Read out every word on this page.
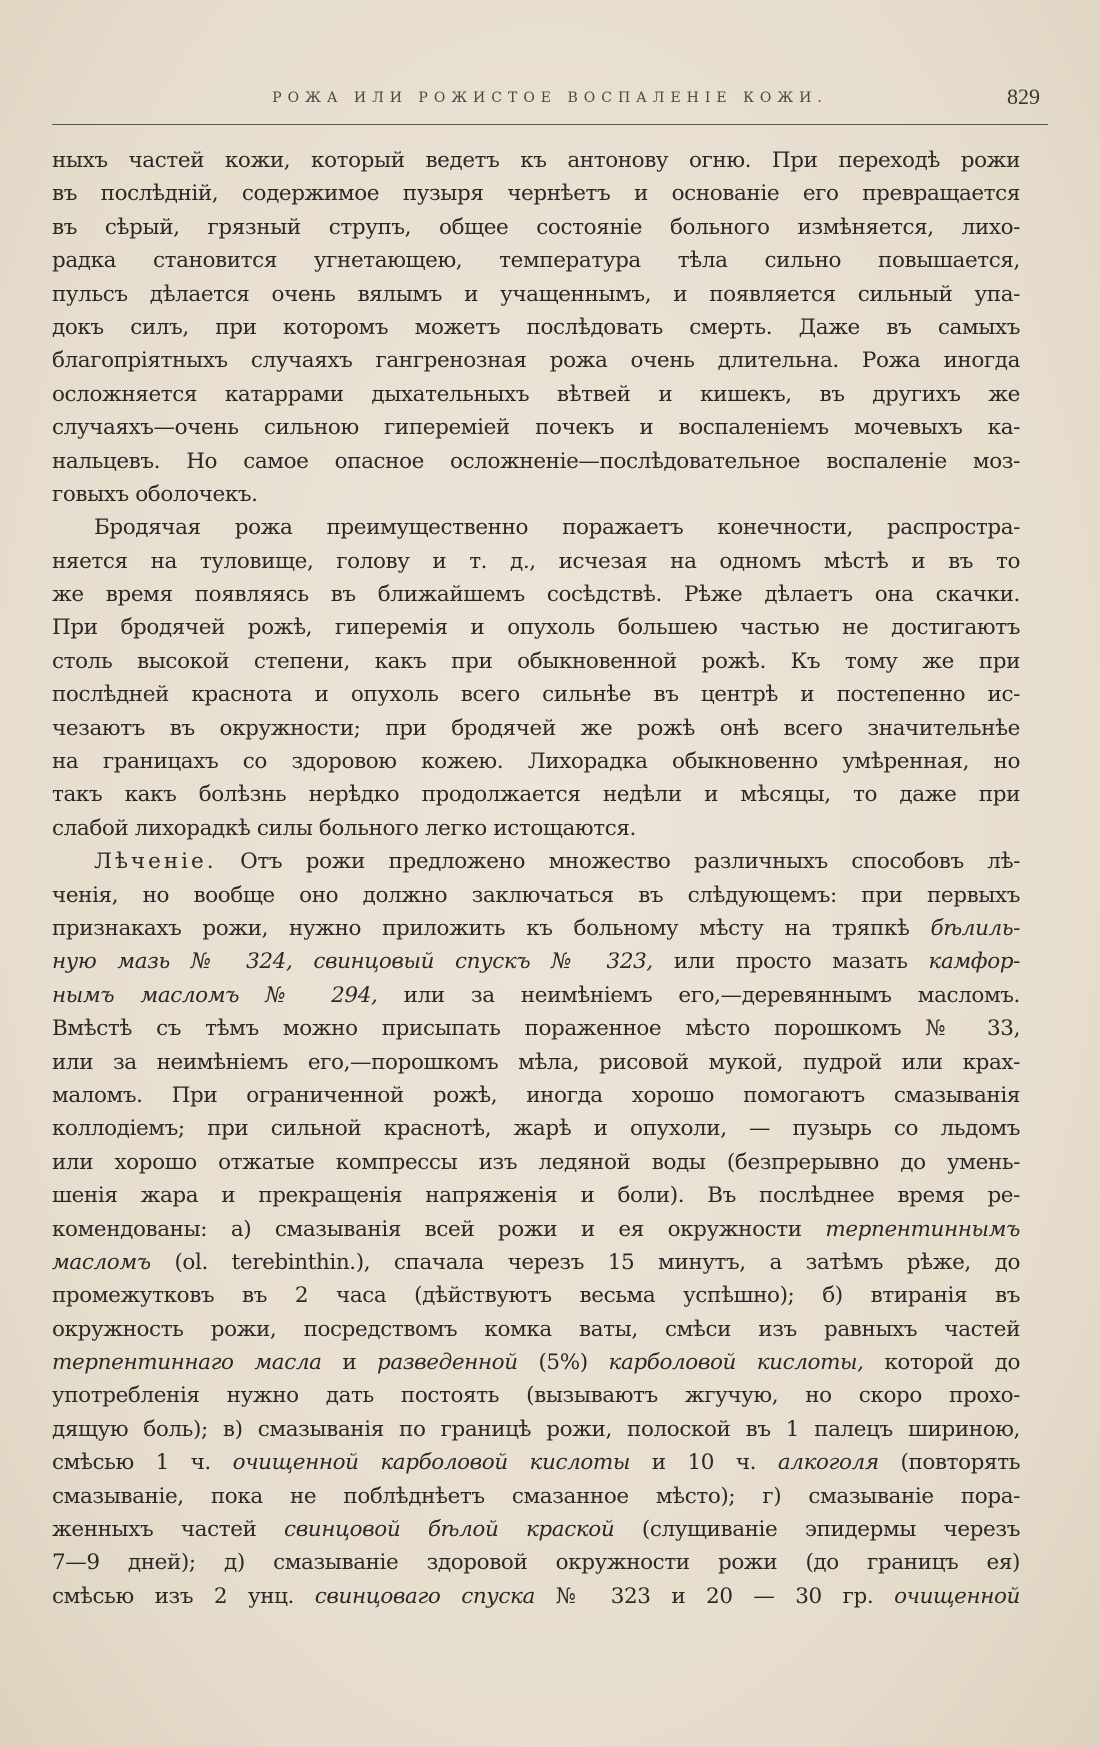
РОЖА ИЛИ РОЖИСТОЕ ВОСПАЛЕНІЕ КОЖИ.	829
ныхъ частей кожи, который ведетъ къ антонову огню. При переходѣ рожи
въ послѣдній, содержимое пузыря чернѣетъ и основаніе его превращается
въ сѣрый, грязный струпъ, общее состояніе больного измѣняется, лихо-
радка становится угнетающею, температура тѣла сильно повышается,
пульсъ дѣлается очень вялымъ и учащеннымъ, и появляется сильный упа-
докъ силъ, при которомъ можетъ послѣдовать смерть. Даже въ самыхъ
благопріятныхъ случаяхъ гангренозная рожа очень длительна. Рожа иногда
осложняется катаррами дыхательныхъ вѣтвей и кишекъ, въ другихъ же
случаяхъ—очень сильною гипереміей почекъ и воспаленіемъ мочевыхъ ка-
нальцевъ. Но самое опасное осложненіе—послѣдовательное воспаленіе моз-
говыхъ оболочекъ.
Бродячая рожа преимущественно поражаетъ конечности, распростра-
няется на туловище, голову и т. д., исчезая на одномъ мѣстѣ и въ то
же время появляясь въ ближайшемъ сосѣдствѣ. Рѣже дѣлаетъ она скачки.
При бродячей рожѣ, гиперемія и опухоль большею частью не достигаютъ
столь высокой степени, какъ при обыкновенной рожѣ. Къ тому же при
послѣдней краснота и опухоль всего сильнѣе въ центрѣ и постепенно ис-
чезаютъ въ окружности; при бродячей же рожѣ онѣ всего значительнѣе
на границахъ со здоровою кожею. Лихорадка обыкновенно умѣренная, но
такъ какъ болѣзнь нерѣдко продолжается недѣли и мѣсяцы, то даже при
слабой лихорадкѣ силы больного легко истощаются.
Лѣченіе. Отъ рожи предложено множество различныхъ способовъ лѣ-
ченія, но вообще оно должно заключаться въ слѣдующемъ: при первыхъ
признакахъ рожи, нужно приложить къ больному мѣсту на тряпкѣ бѣлиль-
ную мазь № 324, свинцовый спускъ № 323, или просто мазать камфор-
нымъ масломъ № 294, или за неимѣніемъ его,—деревяннымъ масломъ.
Вмѣстѣ съ тѣмъ можно присыпать пораженное мѣсто порошкомъ № 33,
или за неимѣніемъ его,—порошкомъ мѣла, рисовой мукой, пудрой или крах-
маломъ. При ограниченной рожѣ, иногда хорошо помогаютъ смазыванія
коллодіемъ; при сильной краснотѣ, жарѣ и опухоли, — пузырь со льдомъ
или хорошо отжатые компрессы изъ ледяной воды (безпрерывно до умень-
шенія жара и прекращенія напряженія и боли). Въ послѣднее время ре-
комендованы: а) смазыванія всей рожи и ея окружности терпентиннымъ
масломъ (ol. terebinthin.), спачала черезъ 15 минутъ, а затѣмъ рѣже, до
промежутковъ въ 2 часа (дѣйствуютъ весьма успѣшно); б) втиранія въ
окружность рожи, посредствомъ комка ваты, смѣси изъ равныхъ частей
терпентиннаго масла и разведенной (5%) карболовой кислоты, которой до
употребленія нужно дать постоять (вызываютъ жгучую, но скоро прохо-
дящую боль); в) смазыванія по границѣ рожи, полоской въ 1 палецъ шириною,
смѣсью 1 ч. очищенной карболовой кислоты и 10 ч. алкоголя (повторять
смазываніе, пока не поблѣднѣетъ смазанное мѣсто); г) смазываніе пора-
женныхъ частей свинцовой бѣлой краской (слущиваніе эпидермы черезъ
7—9 дней); д) смазываніе здоровой окружности рожи (до границъ ея)
смѣсью изъ 2 унц. свинцоваго спуска № 323 и 20 — 30 гр. очищенной
